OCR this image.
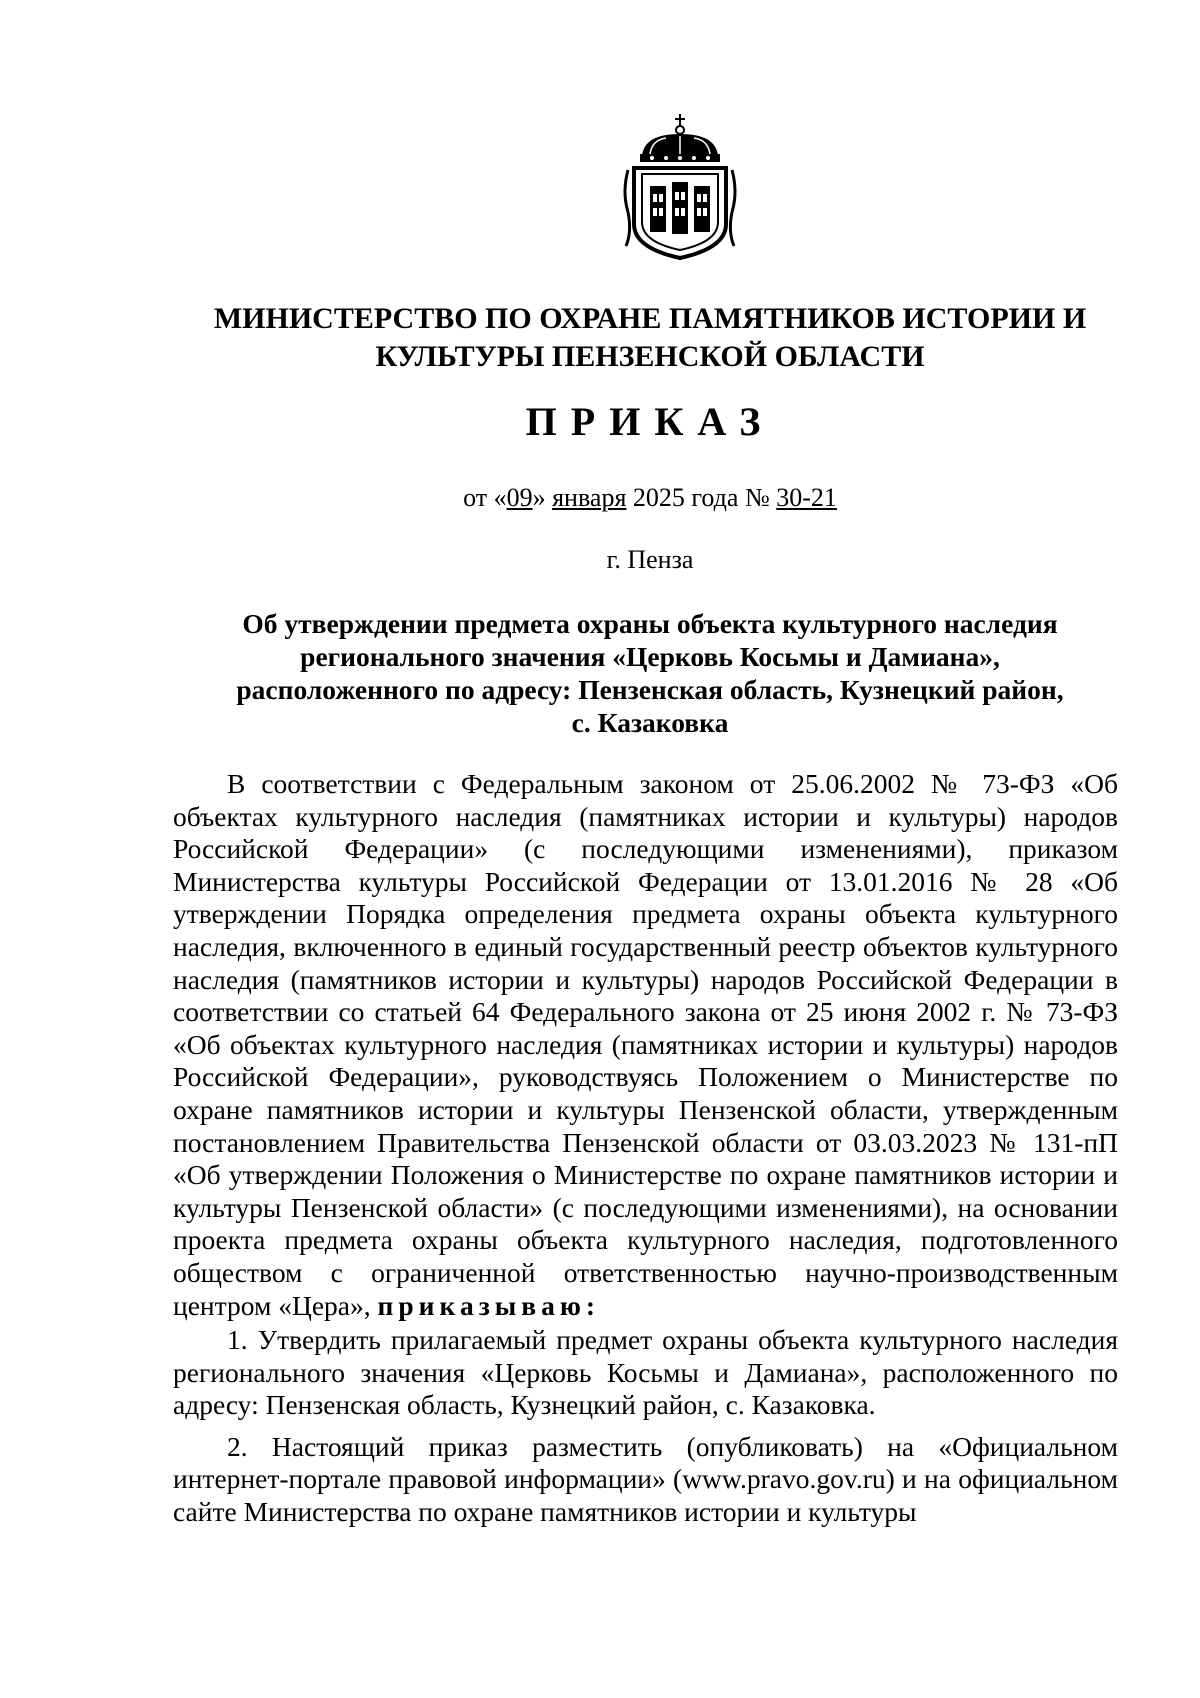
МИНИСТЕРСТВО ПО ОХРАНЕ ПАМЯТНИКОВ ИСТОРИИ И
КУЛЬТУРЫ ПЕНЗЕНСКОЙ ОБЛАСТИ
ПРИКАЗ
от «09» января 2025 года № 30-21
г. Пенза
Об утверждении предмета охраны объекта культурного наследия
регионального значения «Церковь Косьмы и Дамиана»,
расположенного по адресу: Пензенская область, Кузнецкий район,
с. Казаковка

В соответствии с Федеральным законом от 25.06.2002 № 73-ФЗ «Об объектах культурного наследия (памятниках истории и культуры) народов Российской Федерации» (с последующими изменениями), приказом Министерства культуры Российской Федерации от 13.01.2016 № 28 «Об утверждении Порядка определения предмета охраны объекта культурного наследия, включенного в единый государственный реестр объектов культурного наследия (памятников истории и культуры) народов Российской Федерации в соответствии со статьей 64 Федерального закона от 25 июня 2002 г. № 73-ФЗ «Об объектах культурного наследия (памятниках истории и культуры) народов Российской Федерации», руководствуясь Положением о Министерстве по охране памятников истории и культуры Пензенской области, утвержденным постановлением Правительства Пензенской области от 03.03.2023 № 131-пП «Об утверждении Положения о Министерстве по охране памятников истории и культуры Пензенской области» (с последующими изменениями), на основании проекта предмета охраны объекта культурного наследия, подготовленного обществом с ограниченной ответственностью научно-производственным центром «Цера», приказываю:

1. Утвердить прилагаемый предмет охраны объекта культурного наследия регионального значения «Церковь Косьмы и Дамиана», расположенного по адресу: Пензенская область, Кузнецкий район, с. Казаковка.

2. Настоящий приказ разместить (опубликовать) на «Официальном интернет-портале правовой информации» (www.pravo.gov.ru) и на официальном сайте Министерства по охране памятников истории и культуры
